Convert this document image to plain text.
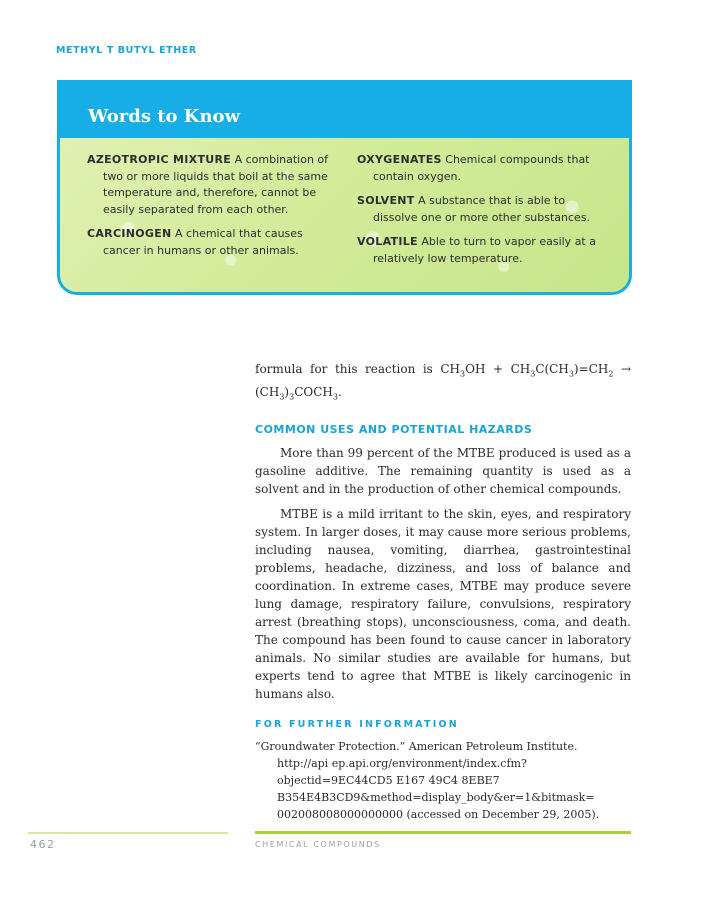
METHYL T BUTYL ETHER
Words to Know

AZEOTROPIC MIXTURE A combination of two or more liquids that boil at the same temperature and, therefore, cannot be easily separated from each other.

CARCINOGEN A chemical that causes cancer in humans or other animals.

OXYGENATES Chemical compounds that contain oxygen.

SOLVENT A substance that is able to dissolve one or more other substances.

VOLATILE Able to turn to vapor easily at a relatively low temperature.

formula for this reaction is $CH_3OH + CH_3C(CH_3)=CH_2$ → $(CH_3)_3COCH_3$.
COMMON USES AND POTENTIAL HAZARDS

More than 99 percent of the MTBE produced is used as a gasoline additive. The remaining quantity is used as a solvent and in the production of other chemical compounds.

MTBE is a mild irritant to the skin, eyes, and respiratory system. In larger doses, it may cause more serious problems, including nausea, vomiting, diarrhea, gastrointestinal problems, headache, dizziness, and loss of balance and coordination. In extreme cases, MTBE may produce severe lung damage, respiratory failure, convulsions, respiratory arrest (breathing stops), unconsciousness, coma, and death. The compound has been found to cause cancer in laboratory animals. No similar studies are available for humans, but experts tend to agree that MTBE is likely carcinogenic in humans also.

FOR FURTHER INFORMATION

“Groundwater Protection.” American Petroleum Institute.

http://api ep.api.org/environment/index.cfm?

objectid=9EC44CD5 E167 49C4 8EBE7

B354E4B3CD9&method=display_body&er=1&bitmask=

002008008000000000 (accessed on December 29, 2005).

462	CHEMICAL COMPOUNDS
